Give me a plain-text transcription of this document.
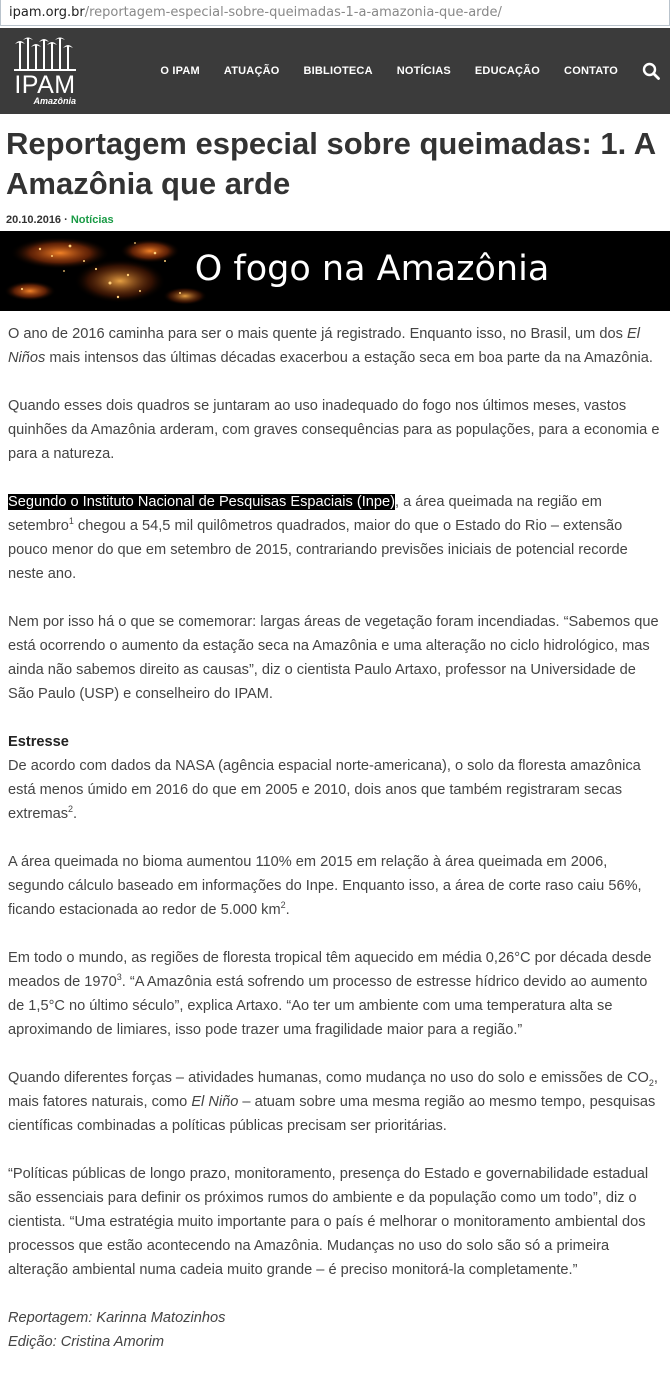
ipam.org.br /reportagem-especial-sobre-queimadas-1-a-amazonia-que-arde/
IPAM
Amazônia
O IPAM ATUAÇÃO BIBLIOTECA NOTÍCIAS EDUCAÇÃO CONTATO
Reportagem especial sobre queimadas: 1. A Amazônia que arde
20.10.2016 · Notícias
O fogo na Amazônia

O ano de 2016 caminha para ser o mais quente já registrado. Enquanto isso, no Brasil, um dos El Niños mais intensos das últimas décadas exacerbou a estação seca em boa parte da na Amazônia.

Quando esses dois quadros se juntaram ao uso inadequado do fogo nos últimos meses, vastos quinhões da Amazônia arderam, com graves consequências para as populações, para a economia e para a natureza.

Segundo o Instituto Nacional de Pesquisas Espaciais (Inpe), a área queimada na região em setembro$^1$ chegou a 54,5 mil quilômetros quadrados, maior do que o Estado do Rio – extensão pouco menor do que em setembro de 2015, contrariando previsões iniciais de potencial recorde neste ano.

Nem por isso há o que se comemorar: largas áreas de vegetação foram incendiadas. “Sabemos que está ocorrendo o aumento da estação seca na Amazônia e uma alteração no ciclo hidrológico, mas ainda não sabemos direito as causas”, diz o cientista Paulo Artaxo, professor na Universidade de São Paulo (USP) e conselheiro do IPAM.

Estresse
De acordo com dados da NASA (agência espacial norte-americana), o solo da floresta amazônica está menos úmido em 2016 do que em 2005 e 2010, dois anos que também registraram secas extremas$^2$.

A área queimada no bioma aumentou 110% em 2015 em relação à área queimada em 2006, segundo cálculo baseado em informações do Inpe. Enquanto isso, a área de corte raso caiu 56%, ficando estacionada ao redor de 5.000 $km^2$.

Em todo o mundo, as regiões de floresta tropical têm aquecido em média 0,26°C por década desde meados de 1970$^3$. “A Amazônia está sofrendo um processo de estresse hídrico devido ao aumento de 1,5°C no último século”, explica Artaxo. “Ao ter um ambiente com uma temperatura alta se aproximando de limiares, isso pode trazer uma fragilidade maior para a região.”

Quando diferentes forças – atividades humanas, como mudança no uso do solo e emissões de CO2, mais fatores naturais, como El Niño – atuam sobre uma mesma região ao mesmo tempo, pesquisas científicas combinadas a políticas públicas precisam ser prioritárias.

“Políticas públicas de longo prazo, monitoramento, presença do Estado e governabilidade estadual são essenciais para definir os próximos rumos do ambiente e da população como um todo”, diz o cientista. “Uma estratégia muito importante para o país é melhorar o monitoramento ambiental dos processos que estão acontecendo na Amazônia. Mudanças no uso do solo são só a primeira alteração ambiental numa cadeia muito grande – é preciso monitorá-la completamente.”

Reportagem: Karinna Matozinhos

Edição: Cristina Amorim
